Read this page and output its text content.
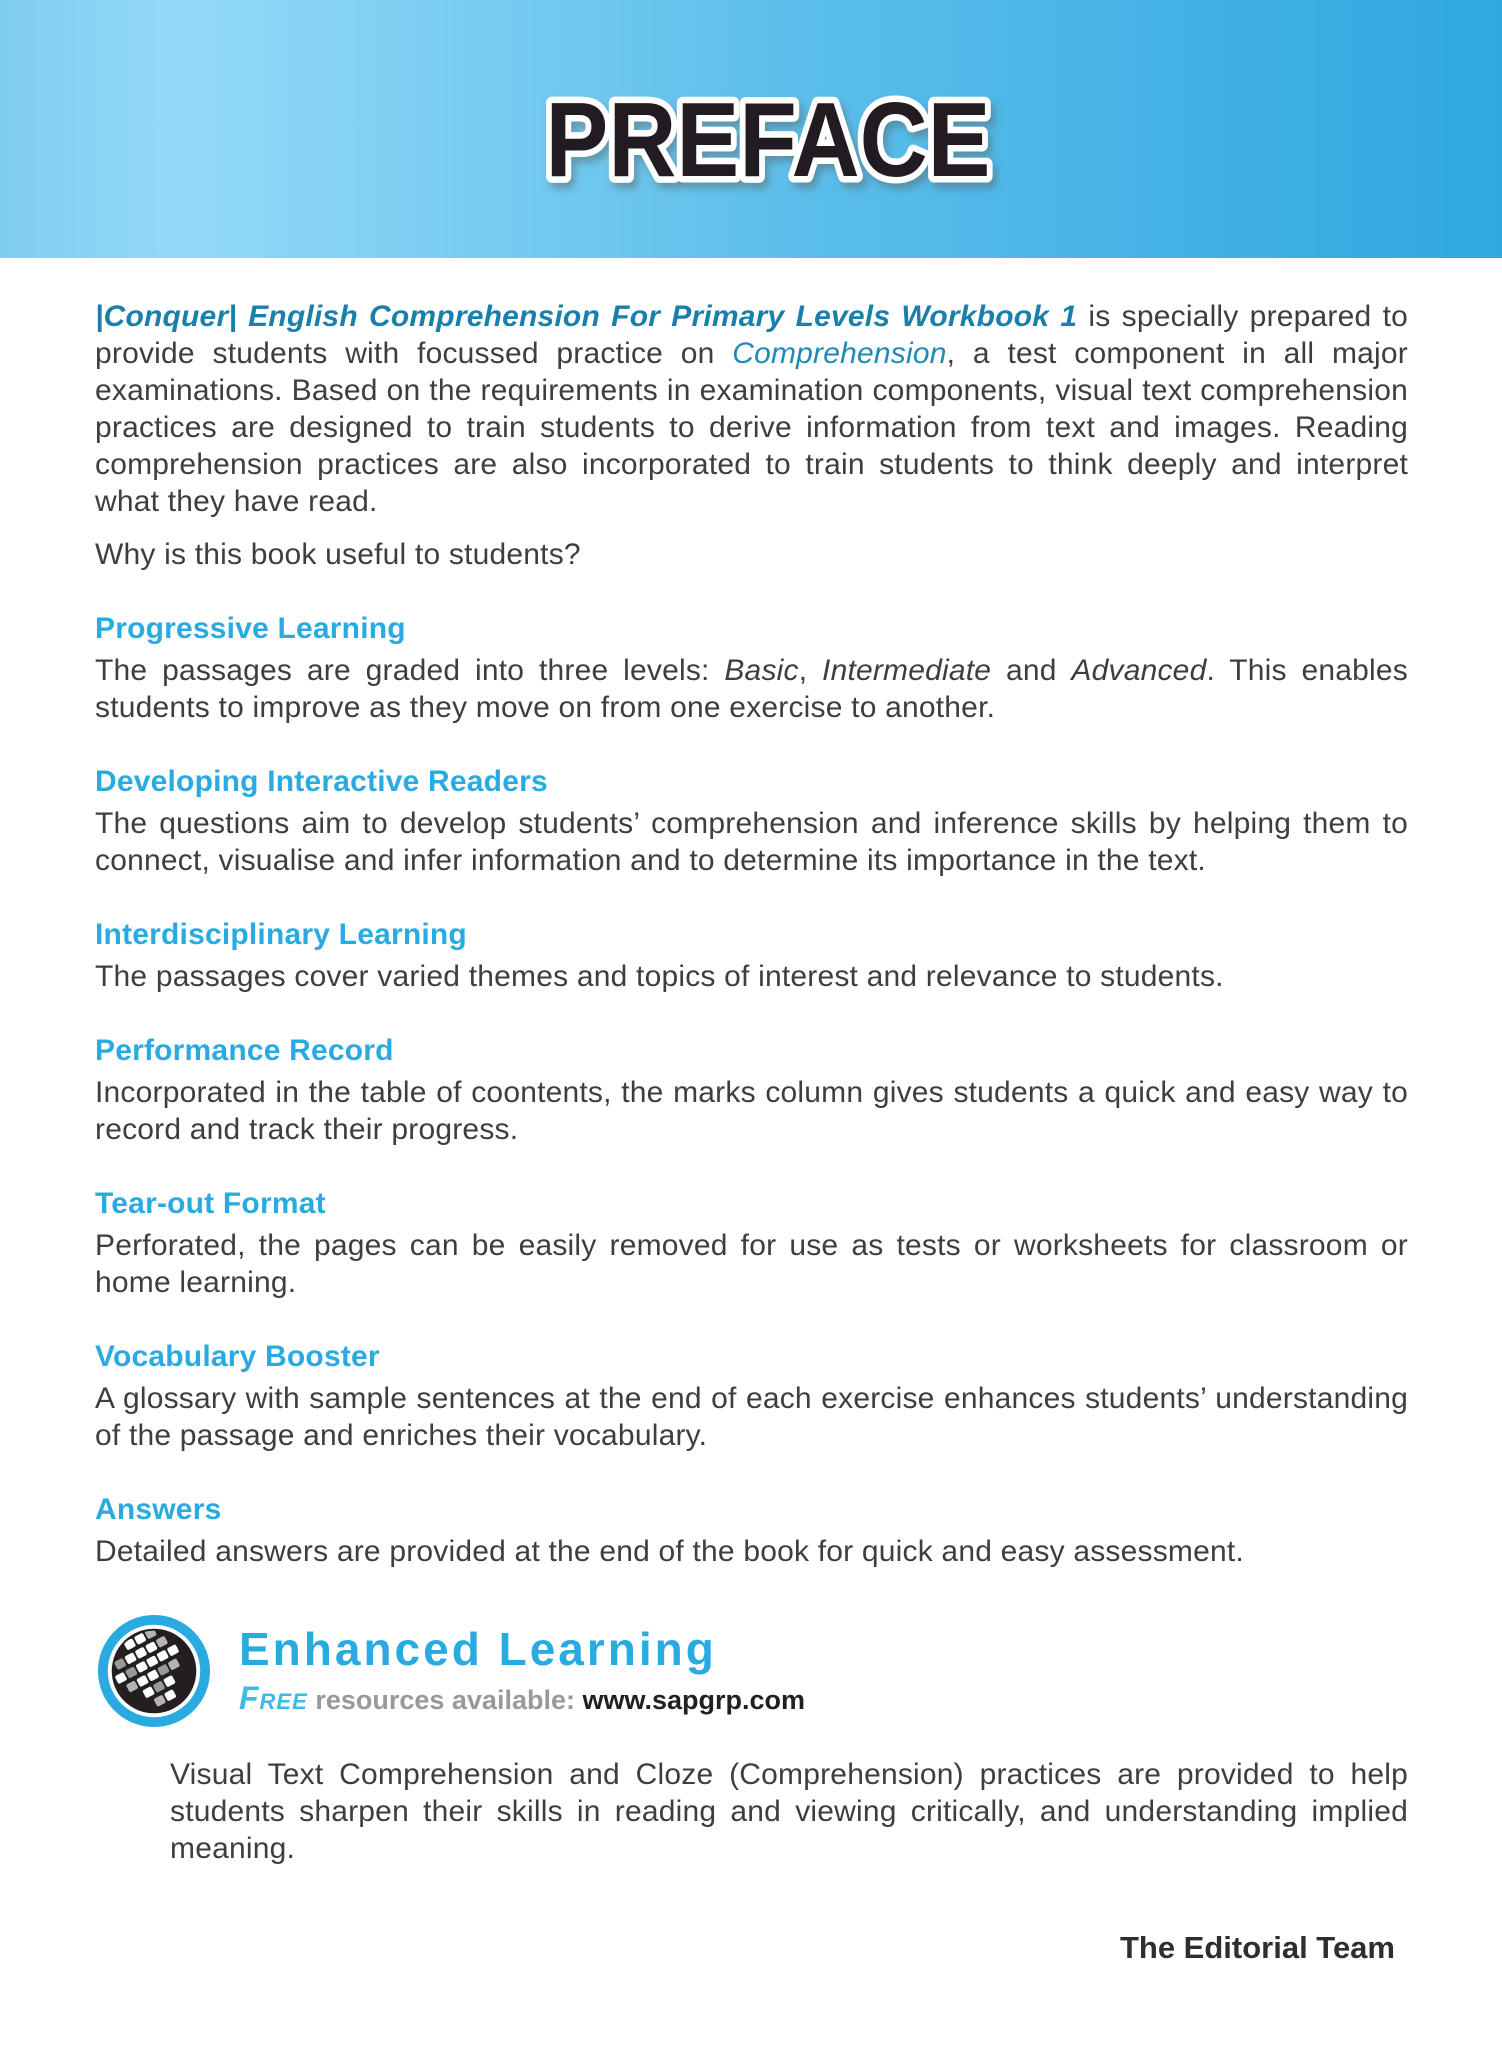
PREFACE

|Conquer| English Comprehension For Primary Levels Workbook 1 is specially prepared to provide students with focussed practice on Comprehension, a test component in all major examinations. Based on the requirements in examination components, visual text comprehension practices are designed to train students to derive information from text and images. Reading comprehension practices are also incorporated to train students to think deeply and interpret what they have read.

Why is this book useful to students?

Progressive Learning

The passages are graded into three levels: Basic, Intermediate and Advanced. This enables students to improve as they move on from one exercise to another.

Developing Interactive Readers

The questions aim to develop students’ comprehension and inference skills by helping them to connect, visualise and infer information and to determine its importance in the text.

Interdisciplinary Learning

The passages cover varied themes and topics of interest and relevance to students.

Performance Record

Incorporated in the table of coontents, the marks column gives students a quick and easy way to record and track their progress.

Tear-out Format

Perforated, the pages can be easily removed for use as tests or worksheets for classroom or home learning.

Vocabulary Booster

A glossary with sample sentences at the end of each exercise enhances students’ understanding of the passage and enriches their vocabulary.

Answers

Detailed answers are provided at the end of the book for quick and easy assessment.

Enhanced Learning
Free resources available: www.sapgrp.com

Visual Text Comprehension and Cloze (Comprehension) practices are provided to help students sharpen their skills in reading and viewing critically, and understanding implied meaning.

The Editorial Team
